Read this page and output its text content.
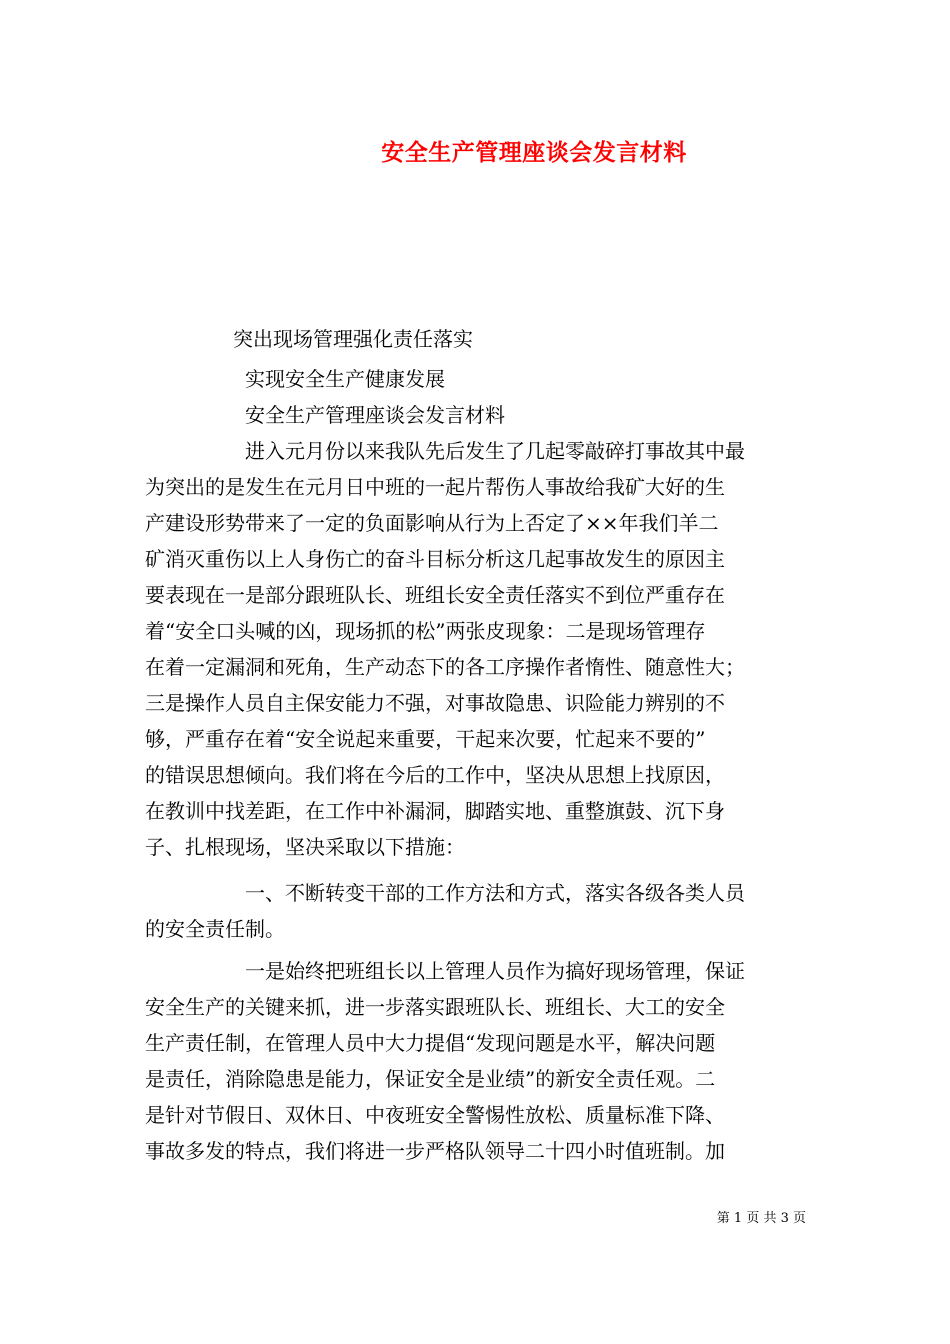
安全生产管理座谈会发言材料

突出现场管理强化责任落实

实现安全生产健康发展

安全生产管理座谈会发言材料

进入元月份以来我队先后发生了几起零敲碎打事故其中最

为突出的是发生在元月日中班的一起片帮伤人事故给我矿大好的生

产建设形势带来了一定的负面影响从行为上否定了××年我们羊二

矿消灭重伤以上人身伤亡的奋斗目标分析这几起事故发生的原因主

要表现在一是部分跟班队长、班组长安全责任落实不到位严重存在

着“安全口头喊的凶，现场抓的松”两张皮现象：二是现场管理存

在着一定漏洞和死角，生产动态下的各工序操作者惰性、随意性大；

三是操作人员自主保安能力不强，对事故隐患、识险能力辨别的不

够，严重存在着“安全说起来重要，干起来次要，忙起来不要的”

的错误思想倾向。我们将在今后的工作中，坚决从思想上找原因，

在教训中找差距，在工作中补漏洞，脚踏实地、重整旗鼓、沉下身

子、扎根现场，坚决采取以下措施：

一、不断转变干部的工作方法和方式，落实各级各类人员

的安全责任制。

一是始终把班组长以上管理人员作为搞好现场管理，保证

安全生产的关键来抓，进一步落实跟班队长、班组长、大工的安全

生产责任制，在管理人员中大力提倡“发现问题是水平，解决问题

是责任，消除隐患是能力，保证安全是业绩”的新安全责任观。二

是针对节假日、双休日、中夜班安全警惕性放松、质量标准下降、

事故多发的特点，我们将进一步严格队领导二十四小时值班制。加

第 1 页 共 3 页
